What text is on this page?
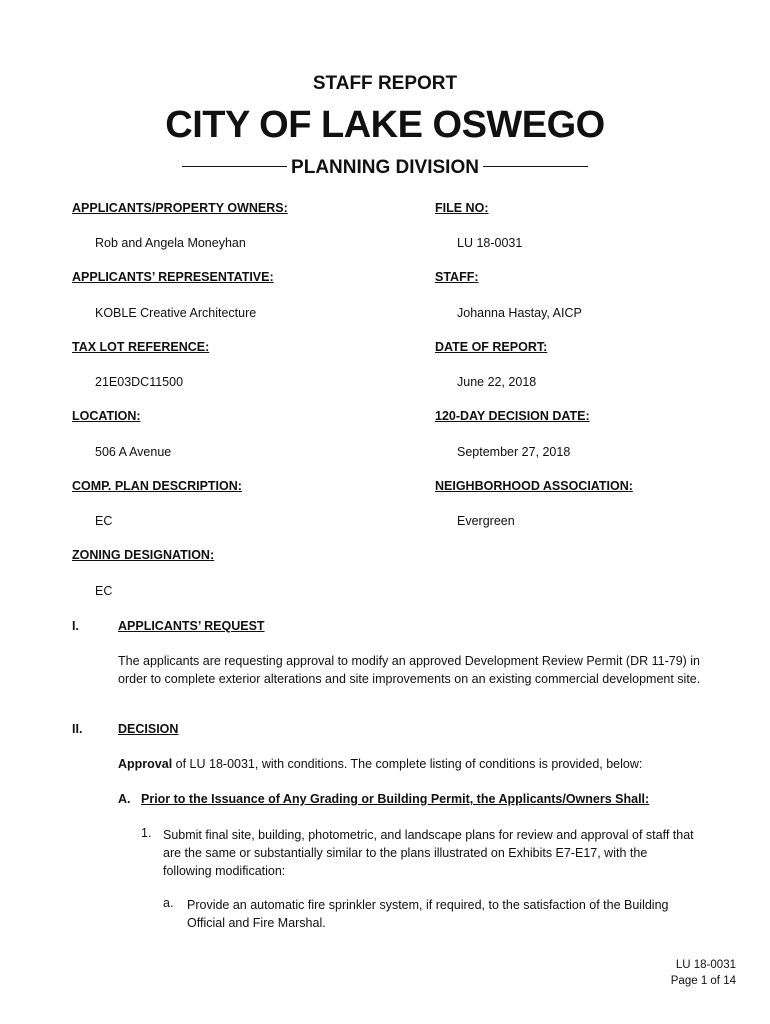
STAFF REPORT
CITY OF LAKE OSWEGO
PLANNING DIVISION
APPLICANTS/PROPERTY OWNERS:
Rob and Angela Moneyhan
APPLICANTS’ REPRESENTATIVE:
KOBLE Creative Architecture
TAX LOT REFERENCE:
21E03DC11500
LOCATION:
506 A Avenue
COMP. PLAN DESCRIPTION:
EC
ZONING DESIGNATION:
EC
FILE NO:
LU 18-0031
STAFF:
Johanna Hastay, AICP
DATE OF REPORT:
June 22, 2018
120-DAY DECISION DATE:
September 27, 2018
NEIGHBORHOOD ASSOCIATION:
Evergreen
I.	APPLICANTS’ REQUEST
The applicants are requesting approval to modify an approved Development Review Permit (DR 11-79) in order to complete exterior alterations and site improvements on an existing commercial development site.
II.	DECISION
Approval of LU 18-0031, with conditions. The complete listing of conditions is provided, below:
A. Prior to the Issuance of Any Grading or Building Permit, the Applicants/Owners Shall:
1. Submit final site, building, photometric, and landscape plans for review and approval of staff that are the same or substantially similar to the plans illustrated on Exhibits E7-E17, with the following modification:
a. Provide an automatic fire sprinkler system, if required, to the satisfaction of the Building Official and Fire Marshal.
LU 18-0031
Page 1 of 14
